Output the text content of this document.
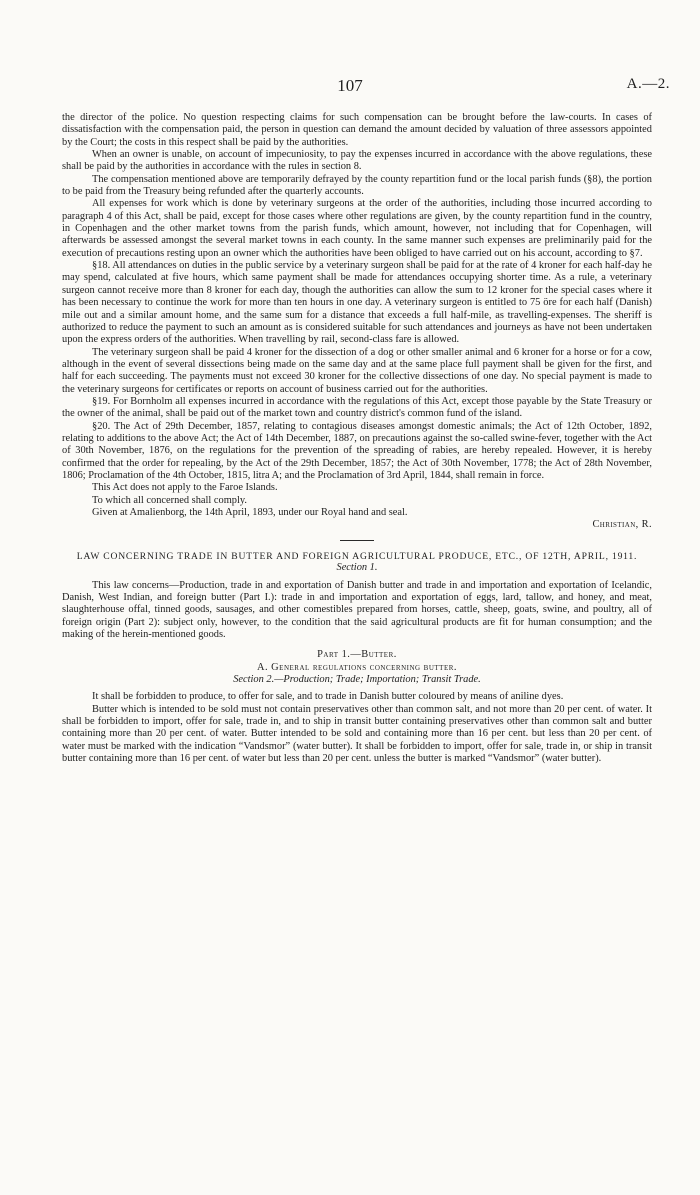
107	A.—2.

the director of the police. No question respecting claims for such compensation can be brought before the law-courts. In cases of dissatisfaction with the compensation paid, the person in question can demand the amount decided by valuation of three assessors appointed by the Court; the costs in this respect shall be paid by the authorities.

When an owner is unable, on account of impecuniosity, to pay the expenses incurred in accordance with the above regulations, these shall be paid by the authorities in accordance with the rules in section 8.

The compensation mentioned above are temporarily defrayed by the county repartition fund or the local parish funds (§8), the portion to be paid from the Treasury being refunded after the quarterly accounts.

All expenses for work which is done by veterinary surgeons at the order of the authorities, including those incurred according to paragraph 4 of this Act, shall be paid, except for those cases where other regulations are given, by the county repartition fund in the country, in Copenhagen and the other market towns from the parish funds, which amount, however, not including that for Copenhagen, will afterwards be assessed amongst the several market towns in each county. In the same manner such expenses are preliminarily paid for the execution of precautions resting upon an owner which the authorities have been obliged to have carried out on his account, according to §7.

§18. All attendances on duties in the public service by a veterinary surgeon shall be paid for at the rate of 4 kroner for each half-day he may spend, calculated at five hours, which same payment shall be made for attendances occupying shorter time. As a rule, a veterinary surgeon cannot receive more than 8 kroner for each day, though the authorities can allow the sum to 12 kroner for the special cases where it has been necessary to continue the work for more than ten hours in one day. A veterinary surgeon is entitled to 75 öre for each half (Danish) mile out and a similar amount home, and the same sum for a distance that exceeds a full half-mile, as travelling-expenses. The sheriff is authorized to reduce the payment to such an amount as is considered suitable for such attendances and journeys as have not been undertaken upon the express orders of the authorities. When travelling by rail, second-class fare is allowed.

The veterinary surgeon shall be paid 4 kroner for the dissection of a dog or other smaller animal and 6 kroner for a horse or for a cow, although in the event of several dissections being made on the same day and at the same place full payment shall be given for the first, and half for each succeeding. The payments must not exceed 30 kroner for the collective dissections of one day. No special payment is made to the veterinary surgeons for certificates or reports on account of business carried out for the authorities.

§19. For Bornholm all expenses incurred in accordance with the regulations of this Act, except those payable by the State Treasury or the owner of the animal, shall be paid out of the market town and country district's common fund of the island.

§20. The Act of 29th December, 1857, relating to contagious diseases amongst domestic animals; the Act of 12th October, 1892, relating to additions to the above Act; the Act of 14th December, 1887, on precautions against the so-called swine-fever, together with the Act of 30th November, 1876, on the regulations for the prevention of the spreading of rabies, are hereby repealed. However, it is hereby confirmed that the order for repealing, by the Act of the 29th December, 1857; the Act of 30th November, 1778; the Act of 28th November, 1806; Proclamation of the 4th October, 1815, litra A; and the Proclamation of 3rd April, 1844, shall remain in force.

This Act does not apply to the Faroe Islands.

To which all concerned shall comply.

Given at Amalienborg, the 14th April, 1893, under our Royal hand and seal.

Christian, R.

LAW CONCERNING TRADE IN BUTTER AND FOREIGN AGRICULTURAL PRODUCE, ETC., OF 12TH, APRIL, 1911.

Section 1.

This law concerns—Production, trade in and exportation of Danish butter and trade in and importation and exportation of Icelandic, Danish, West Indian, and foreign butter (Part I.): trade in and importation and exportation of eggs, lard, tallow, and honey, and meat, slaughterhouse offal, tinned goods, sausages, and other comestibles prepared from horses, cattle, sheep, goats, swine, and poultry, all of foreign origin (Part 2): subject only, however, to the condition that the said agricultural products are fit for human consumption; and the making of the herein-mentioned goods.

Part 1.—Butter.

A. General regulations concerning butter.

Section 2.—Production; Trade; Importation; Transit Trade.

It shall be forbidden to produce, to offer for sale, and to trade in Danish butter coloured by means of aniline dyes.

Butter which is intended to be sold must not contain preservatives other than common salt, and not more than 20 per cent. of water. It shall be forbidden to import, offer for sale, trade in, and to ship in transit butter containing preservatives other than common salt and butter containing more than 20 per cent. of water. Butter intended to be sold and containing more than 16 per cent. but less than 20 per cent. of water must be marked with the indication “Vandsmor” (water butter). It shall be forbidden to import, offer for sale, trade in, or ship in transit butter containing more than 16 per cent. of water but less than 20 per cent. unless the butter is marked “Vandsmor” (water butter).
